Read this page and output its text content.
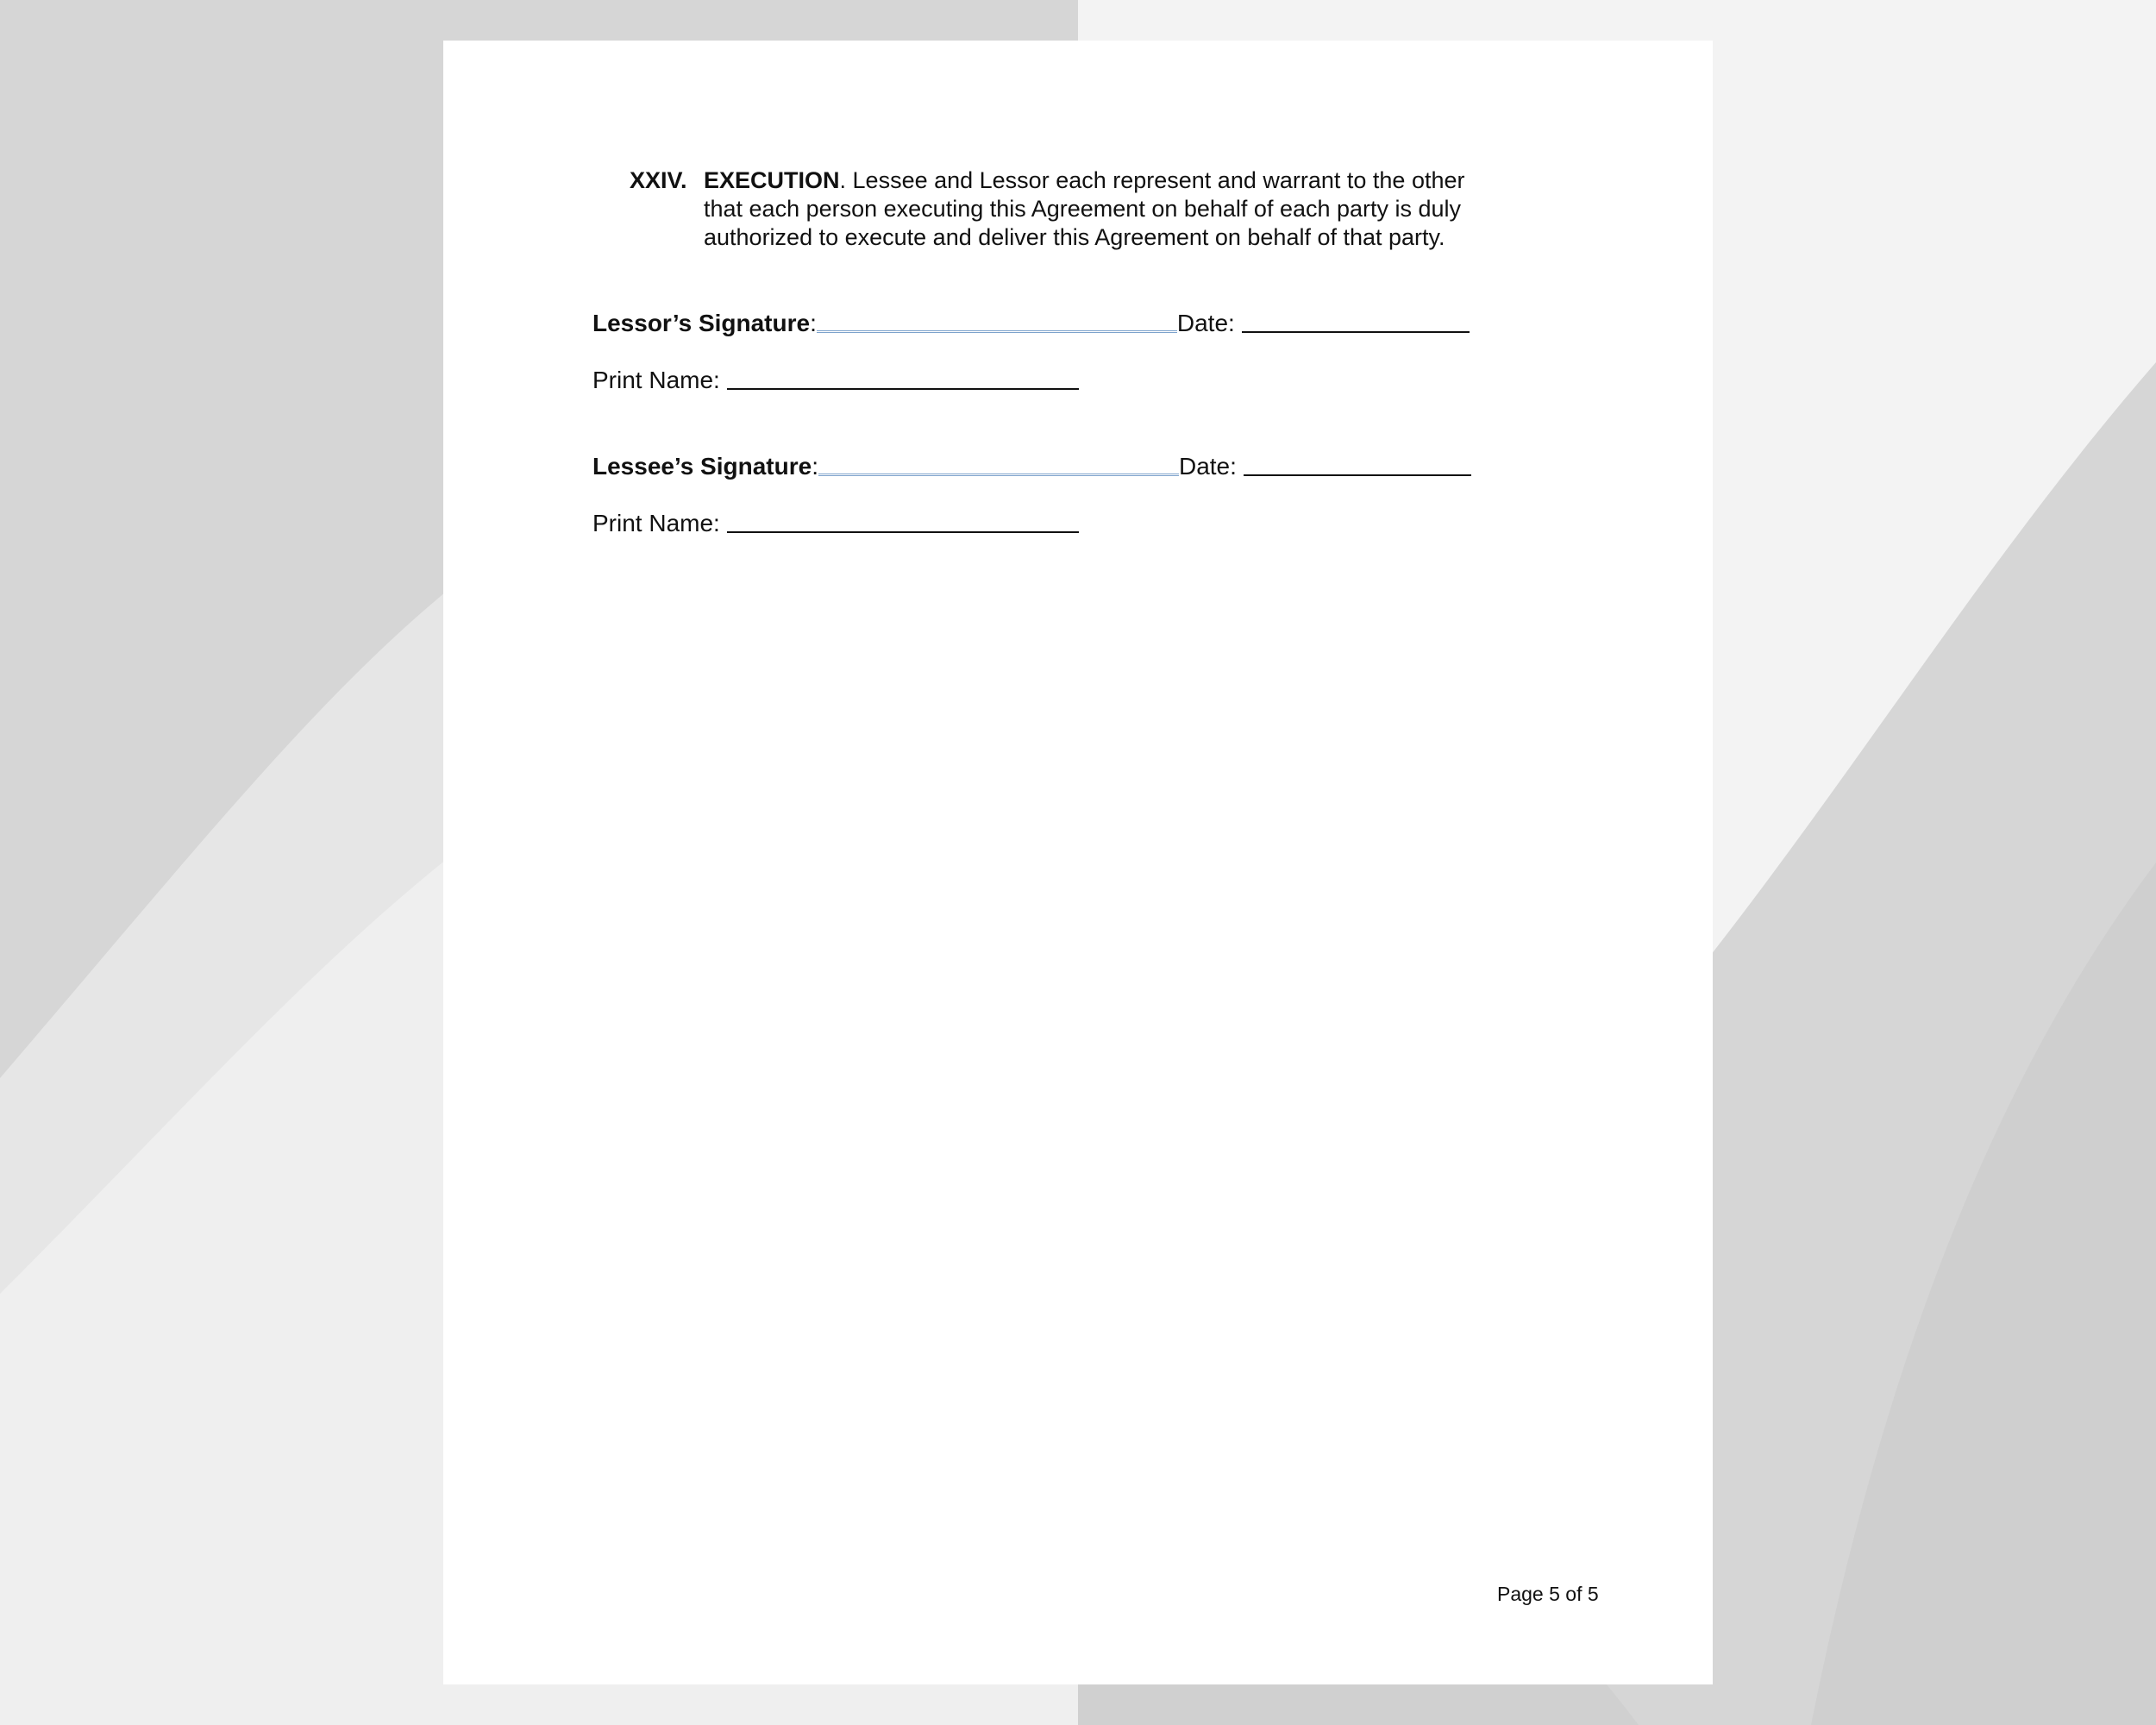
XXIV. EXECUTION. Lessee and Lessor each represent and warrant to the other that each person executing this Agreement on behalf of each party is duly authorized to execute and deliver this Agreement on behalf of that party.
Lessor’s Signature :	Date:
Print Name:
Lessee’s Signature :	Date:
Print Name:
Page 5 of 5
